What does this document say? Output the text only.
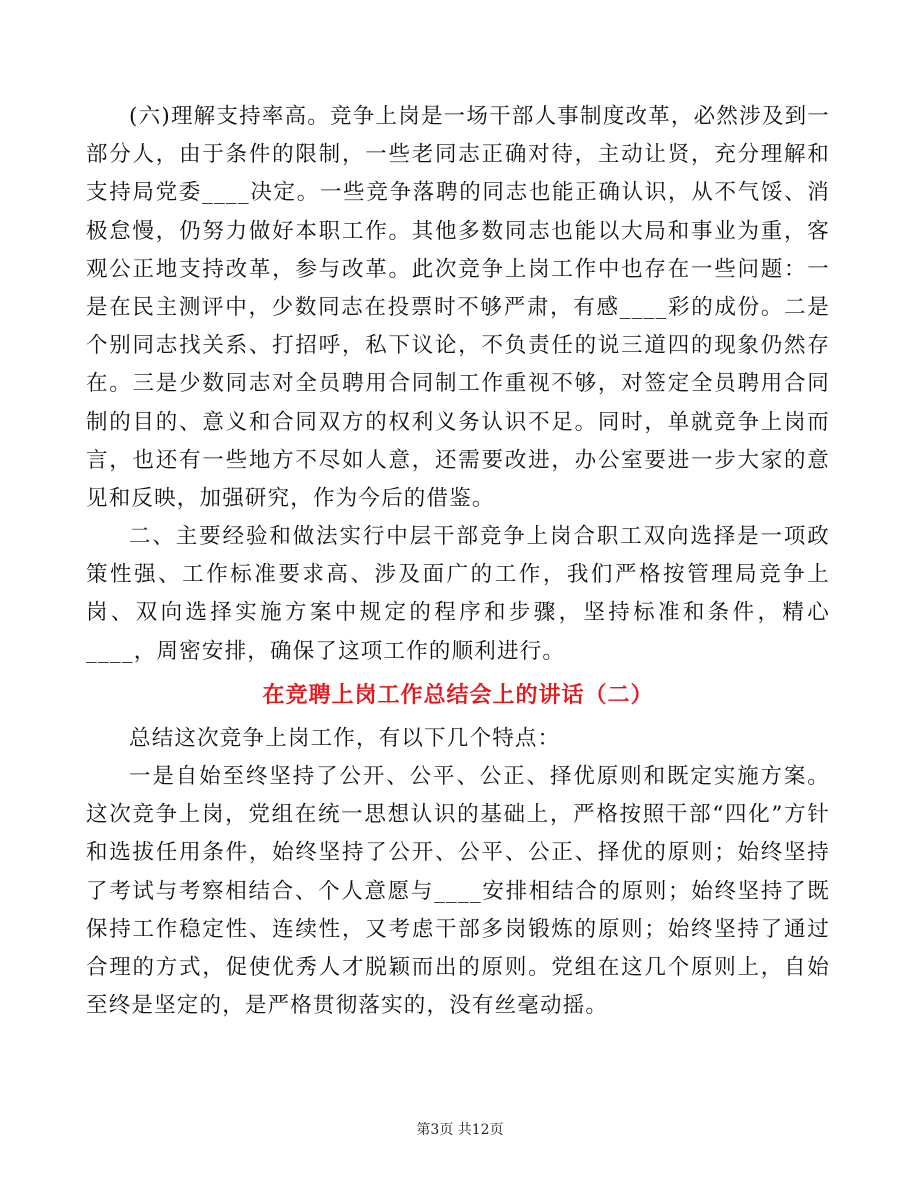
(六)理解支持率高。竞争上岗是一场干部人事制度改革，必然涉及到一部分人，由于条件的限制，一些老同志正确对待，主动让贤，充分理解和支持局党委____决定。一些竞争落聘的同志也能正确认识，从不气馁、消极怠慢，仍努力做好本职工作。其他多数同志也能以大局和事业为重，客观公正地支持改革，参与改革。此次竞争上岗工作中也存在一些问题：一是在民主测评中，少数同志在投票时不够严肃，有感____彩的成份。二是个别同志找关系、打招呼，私下议论，不负责任的说三道四的现象仍然存在。三是少数同志对全员聘用合同制工作重视不够，对签定全员聘用合同制的目的、意义和合同双方的权利义务认识不足。同时，单就竞争上岗而言，也还有一些地方不尽如人意，还需要改进，办公室要进一步大家的意见和反映，加强研究，作为今后的借鉴。

二、主要经验和做法实行中层干部竞争上岗合职工双向选择是一项政策性强、工作标准要求高、涉及面广的工作，我们严格按管理局竞争上岗、双向选择实施方案中规定的程序和步骤，坚持标准和条件，精心____，周密安排，确保了这项工作的顺利进行。

在竞聘上岗工作总结会上的讲话（二）

总结这次竞争上岗工作，有以下几个特点：

一是自始至终坚持了公开、公平、公正、择优原则和既定实施方案。这次竞争上岗，党组在统一思想认识的基础上，严格按照干部“四化”方针和选拔任用条件，始终坚持了公开、公平、公正、择优的原则；始终坚持了考试与考察相结合、个人意愿与____安排相结合的原则；始终坚持了既保持工作稳定性、连续性，又考虑干部多岗锻炼的原则；始终坚持了通过合理的方式，促使优秀人才脱颖而出的原则。党组在这几个原则上，自始至终是坚定的，是严格贯彻落实的，没有丝毫动摇。

第3页 共12页
